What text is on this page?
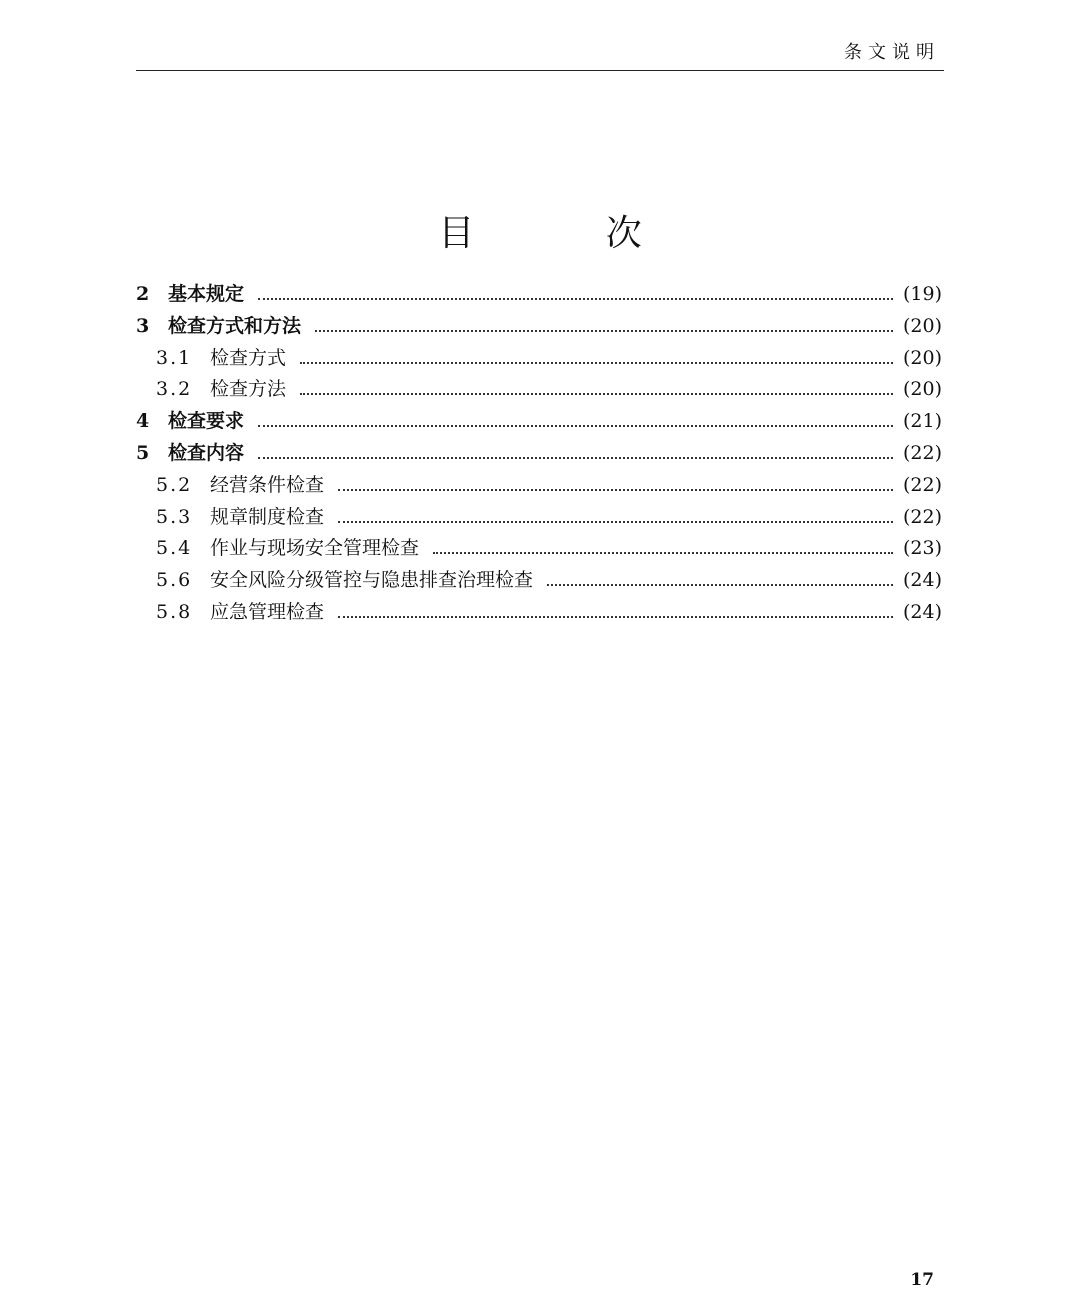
条文说明
目 次
2 基本规定	(19)
3 检查方式和方法	(20)
3.1 检查方式	(20)
3.2 检查方法	(20)
4 检查要求	(21)
5 检查内容	(22)
5.2 经营条件检查	(22)
5.3 规章制度检查	(22)
5.4 作业与现场安全管理检查	(23)
5.6 安全风险分级管控与隐患排查治理检查	(24)
5.8 应急管理检查	(24)
17
